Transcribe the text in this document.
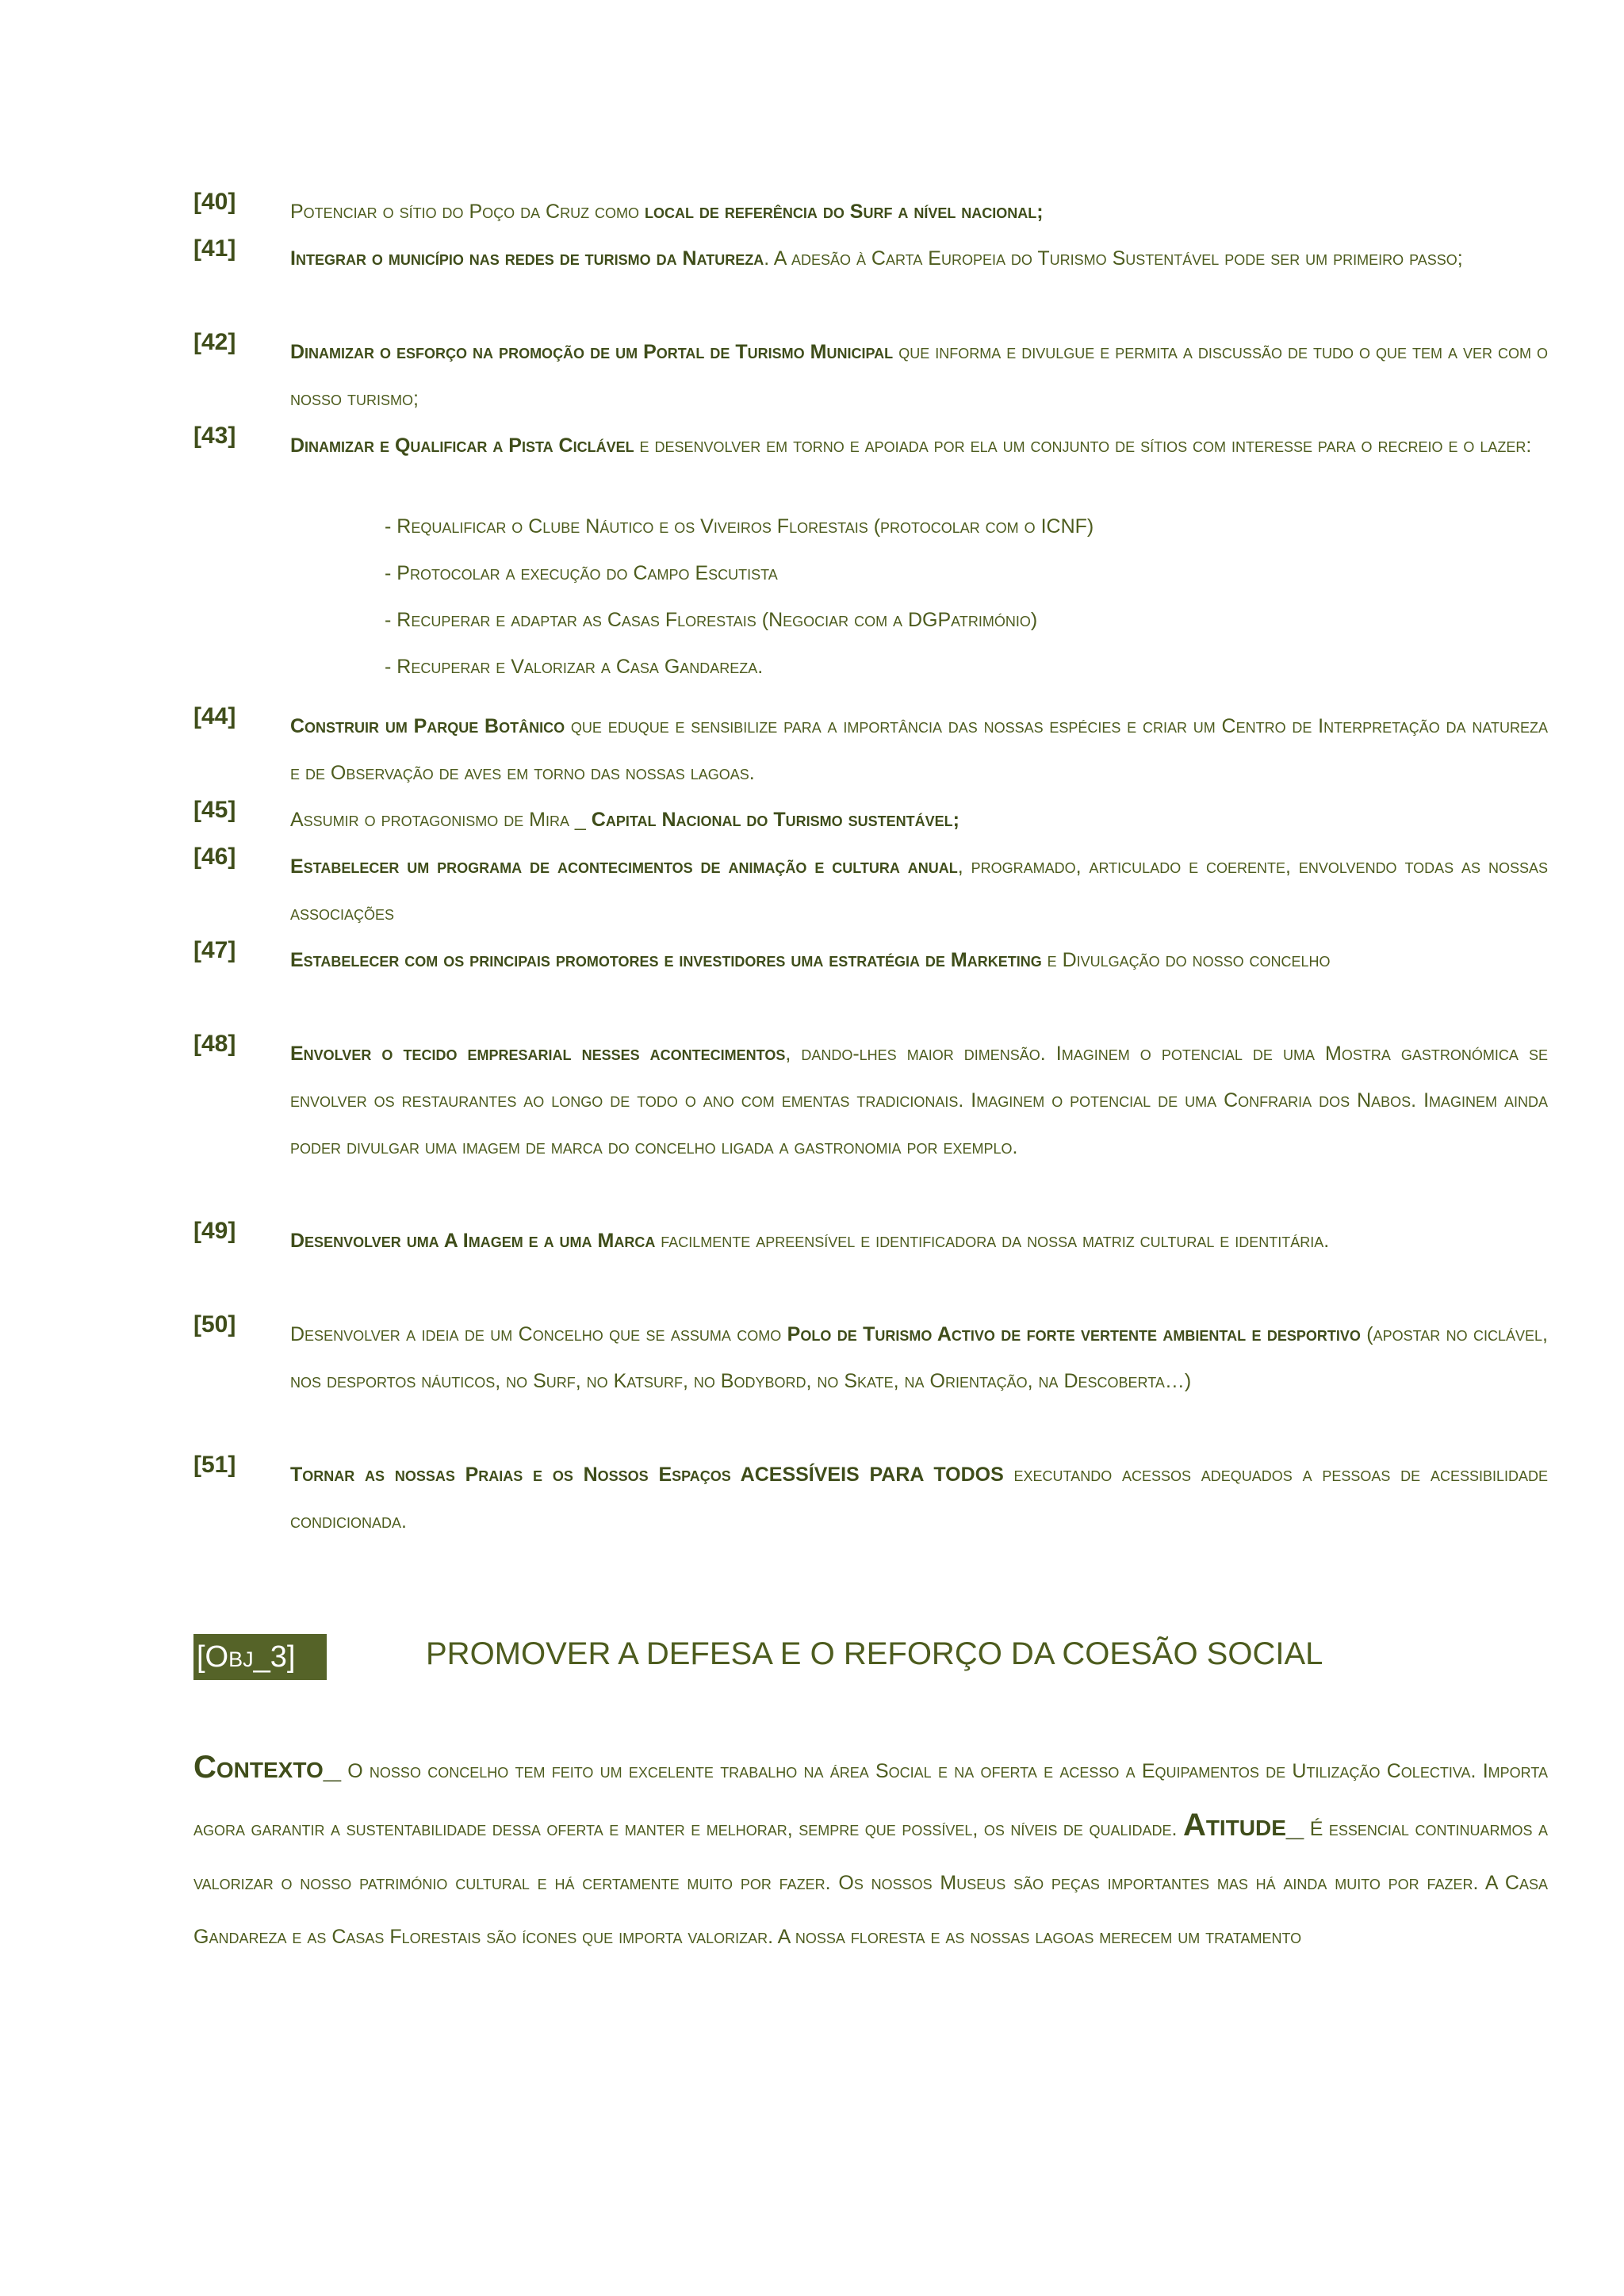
[40]	Potenciar o sítio do Poço da Cruz como local de referência do Surf a nível nacional;
[41]	Integrar o município nas redes de turismo da Natureza. A adesão à Carta Europeia do Turismo Sustentável pode ser um primeiro passo;
[42]	Dinamizar o esforço na promoção de um Portal de Turismo Municipal que informa e divulgue e permita a discussão de tudo o que tem a ver com o nosso turismo;
[43]	Dinamizar e Qualificar a Pista Ciclável e desenvolver em torno e apoiada por ela um conjunto de sítios com interesse para o recreio e o lazer:
[44]	Construir um Parque Botânico que eduque e sensibilize para a importância das nossas espécies e criar um Centro de Interpretação da natureza e de Observação de aves em torno das nossas lagoas.
[45]	Assumir o protagonismo de Mira _ Capital Nacional do Turismo sustentável;
[46]	Estabelecer um programa de acontecimentos de animação e cultura anual, programado, articulado e coerente, envolvendo todas as nossas associações
[47]	Estabelecer com os principais promotores e investidores uma estratégia de Marketing e Divulgação do nosso concelho
[48]	Envolver o tecido empresarial nesses acontecimentos, dando-lhes maior dimensão. Imaginem o potencial de uma Mostra gastronómica se envolver os restaurantes ao longo de todo o ano com ementas tradicionais. Imaginem o potencial de uma Confraria dos Nabos. Imaginem ainda poder divulgar uma imagem de marca do concelho ligada a gastronomia por exemplo.
[49]	Desenvolver uma A Imagem e a uma Marca facilmente apreensível e identificadora da nossa matriz cultural e identitária.
[50]	Desenvolver a ideia de um Concelho que se assuma como Polo de Turismo Activo de forte vertente ambiental e desportivo (apostar no ciclável, nos desportos náuticos, no Surf, no Katsurf, no Bodybord, no Skate, na Orientação, na Descoberta…)
[51]	Tornar as nossas Praias e os Nossos Espaços ACESSÍVEIS PARA TODOS executando acessos adequados a pessoas de acessibilidade condicionada.
- Requalificar o Clube Náutico e os Viveiros Florestais (protocolar com o ICNF)
- Protocolar a execução do Campo Escutista
- Recuperar e adaptar as Casas Florestais (Negociar com a DGPatrimónio)
- Recuperar e Valorizar a Casa Gandareza.
[Obj_3]	PROMOVER A DEFESA E O REFORÇO DA COESÃO SOCIAL
Contexto_ O nosso concelho tem feito um excelente trabalho na área Social e na oferta e acesso a Equipamentos de Utilização Colectiva. Importa agora garantir a sustentabilidade dessa oferta e manter e melhorar, sempre que possível, os níveis de qualidade. Atitude_ É essencial continuarmos a valorizar o nosso património cultural e há certamente muito por fazer. Os nossos Museus são peças importantes mas há ainda muito por fazer. A Casa Gandareza e as Casas Florestais são ícones que importa valorizar. A nossa floresta e as nossas lagoas merecem um tratamento
